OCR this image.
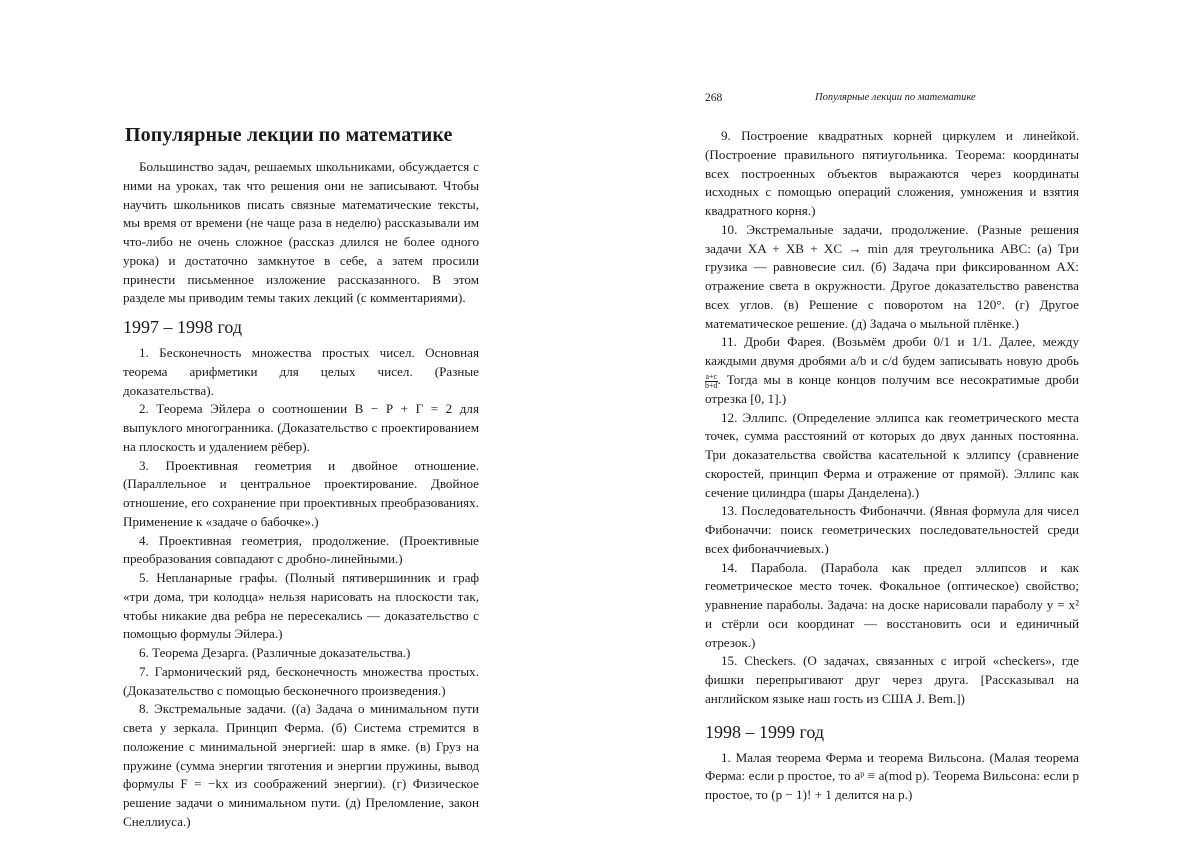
Популярные лекции по математике

Большинство задач, решаемых школьниками, обсуждается с ними на уроках, так что решения они не записывают. Чтобы научить школьников писать связные математические тексты, мы время от времени (не чаще раза в неделю) рассказывали им что-либо не очень сложное (рассказ длился не более одного урока) и достаточно замкнутое в себе, а затем просили принести письменное изложение рассказанного. В этом разделе мы приводим темы таких лекций (с комментариями).

1997 – 1998 год

1. Бесконечность множества простых чисел. Основная теорема арифметики для целых чисел. (Разные доказательства).

2. Теорема Эйлера о соотношении В − Р + Г = 2 для выпуклого многогранника. (Доказательство с проектированием на плоскость и удалением рёбер).

3. Проективная геометрия и двойное отношение. (Параллельное и центральное проектирование. Двойное отношение, его сохранение при проективных преобразованиях. Применение к «задаче о бабочке».)

4. Проективная геометрия, продолжение. (Проективные преобразования совпадают с дробно-линейными.)

5. Непланарные графы. (Полный пятивершинник и граф «три дома, три колодца» нельзя нарисовать на плоскости так, чтобы никакие два ребра не пересекались — доказательство с помощью формулы Эйлера.)

6. Теорема Дезарга. (Различные доказательства.)

7. Гармонический ряд, бесконечность множества простых. (Доказательство с помощью бесконечного произведения.)

8. Экстремальные задачи. ((а) Задача о минимальном пути света у зеркала. Принцип Ферма. (б) Система стремится в положение с минимальной энергией: шар в ямке. (в) Груз на пружине (сумма энергии тяготения и энергии пружины, вывод формулы F = −kx из соображений энергии). (г) Физическое решение задачи о минимальном пути. (д) Преломление, закон Снеллиуса.)

268	Популярные лекции по математике

9. Построение квадратных корней циркулем и линейкой. (Построение правильного пятиугольника. Теорема: координаты всех построенных объектов выражаются через координаты исходных с помощью операций сложения, умножения и взятия квадратного корня.)

10. Экстремальные задачи, продолжение. (Разные решения задачи XA + XB + XC → min для треугольника ABC: (а) Три грузика — равновесие сил. (б) Задача при фиксированном AX: отражение света в окружности. Другое доказательство равенства всех углов. (в) Решение с поворотом на 120°. (г) Другое математическое решение. (д) Задача о мыльной плёнке.)

11. Дроби Фарея. (Возьмём дроби 0/1 и 1/1. Далее, между каждыми двумя дробями a/b и c/d будем записывать новую дробь
a+c
b+d . Тогда мы в конце концов получим все несократимые дроби отрезка [0, 1].)

12. Эллипс. (Определение эллипса как геометрического места точек, сумма расстояний от которых до двух данных постоянна. Три доказательства свойства касательной к эллипсу (сравнение скоростей, принцип Ферма и отражение от прямой). Эллипс как сечение цилиндра (шары Данделена).)

13. Последовательность Фибоначчи. (Явная формула для чисел Фибоначчи: поиск геометрических последовательностей среди всех фибоначчиевых.)

14. Парабола. (Парабола как предел эллипсов и как геометрическое место точек. Фокальное (оптическое) свойство; уравнение параболы. Задача: на доске нарисовали параболу y = x² и стёрли оси координат — восстановить оси и единичный отрезок.)

15. Checkers. (О задачах, связанных с игрой «checkers», где фишки перепрыгивают друг через друга. [Рассказывал на английском языке наш гость из США J. Bem.])

1998 – 1999 год

1. Малая теорема Ферма и теорема Вильсона. (Малая теорема Ферма: если p простое, то aᵖ ≡ a(mod p). Теорема Вильсона: если p простое, то (p − 1)! + 1 делится на p.)
